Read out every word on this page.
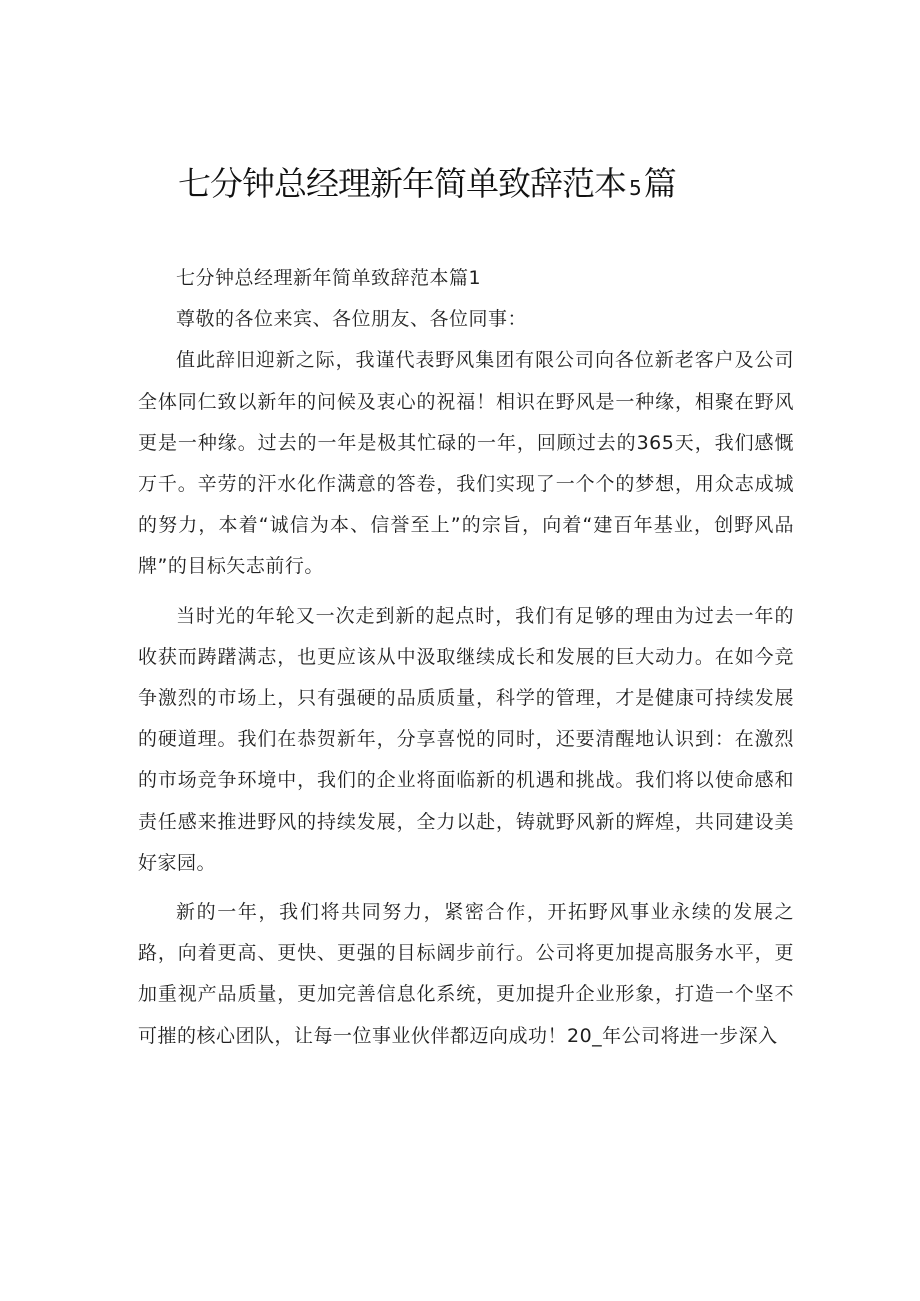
七分钟总经理新年简单致辞范本 5篇

七分钟总经理新年简单致辞范本篇1

尊敬的各位来宾、各位朋友、各位同事：

值此辞旧迎新之际，我谨代表野风集团有限公司向各位新老客户及公司全体同仁致以新年的问候及衷心的祝福！相识在野风是一种缘，相聚在野风更是一种缘。过去的一年是极其忙碌的一年，回顾过去的365天，我们感慨万千。辛劳的汗水化作满意的答卷，我们实现了一个个的梦想，用众志成城的努力，本着“诚信为本、信誉至上”的宗旨，向着“建百年基业，创野风品牌”的目标矢志前行。

当时光的年轮又一次走到新的起点时，我们有足够的理由为过去一年的收获而踌躇满志，也更应该从中汲取继续成长和发展的巨大动力。在如今竞争激烈的市场上，只有强硬的品质质量，科学的管理，才是健康可持续发展的硬道理。我们在恭贺新年，分享喜悦的同时，还要清醒地认识到：在激烈的市场竞争环境中，我们的企业将面临新的机遇和挑战。我们将以使命感和责任感来推进野风的持续发展，全力以赴，铸就野风新的辉煌，共同建设美好家园。

新的一年，我们将共同努力，紧密合作，开拓野风事业永续的发展之路，向着更高、更快、更强的目标阔步前行。公司将更加提高服务水平，更加重视产品质量，更加完善信息化系统，更加提升企业形象，打造一个坚不可摧的核心团队，让每一位事业伙伴都迈向成功！20_年公司将进一步深入
